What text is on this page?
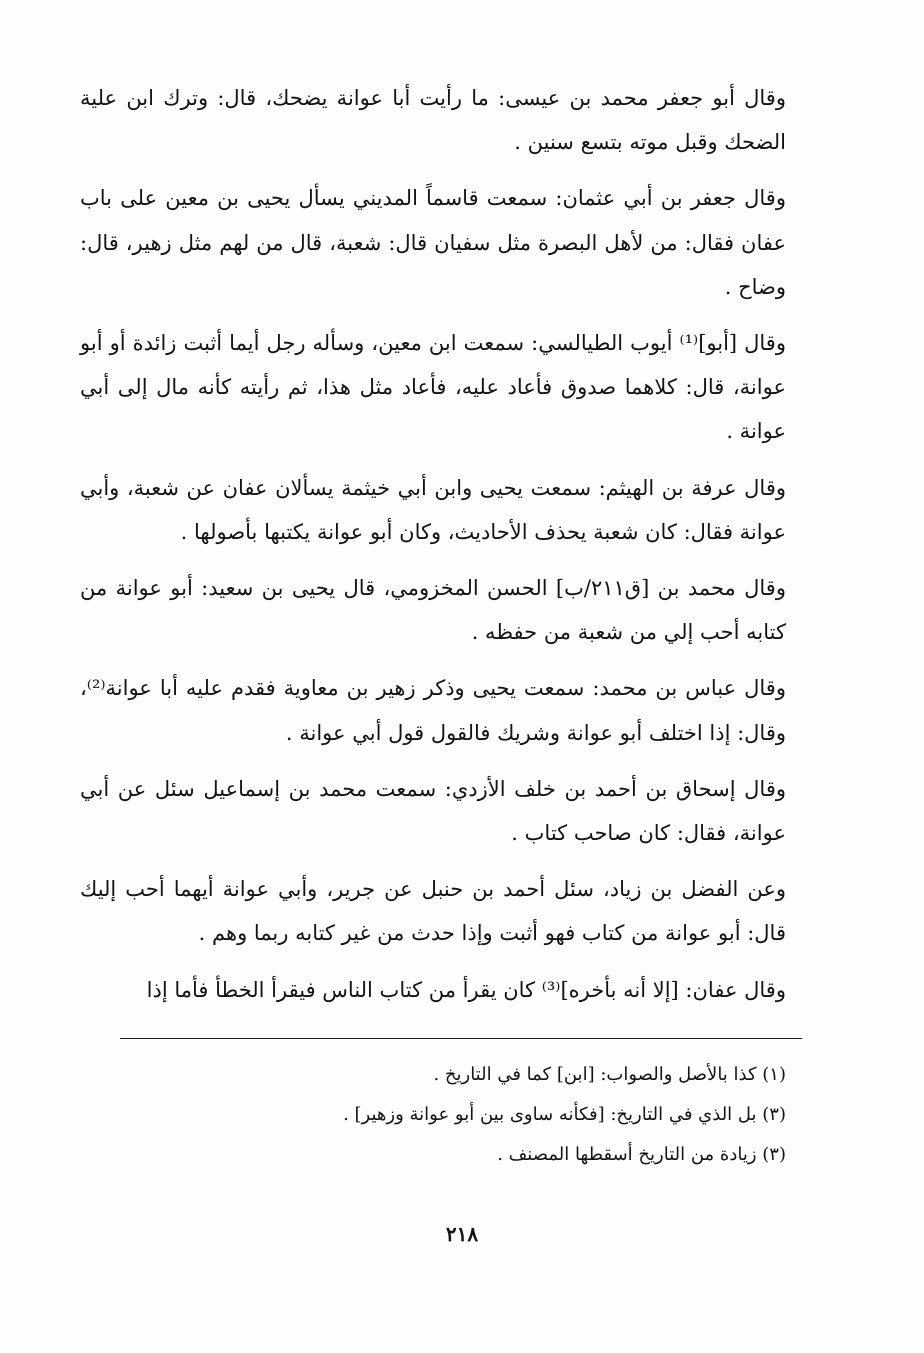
وقال أبو جعفر محمد بن عيسى: ما رأيت أبا عوانة يضحك، قال: وترك ابن علية الضحك وقبل موته بتسع سنين .

وقال جعفر بن أبي عثمان: سمعت قاسماً المديني يسأل يحيى بن معين على باب عفان فقال: من لأهل البصرة مثل سفيان قال: شعبة، قال من لهم مثل زهير، قال: وضاح .

وقال [أبو]⁽¹⁾ أيوب الطيالسي: سمعت ابن معين، وسأله رجل أيما أثبت زائدة أو أبو عوانة، قال: كلاهما صدوق فأعاد عليه، فأعاد مثل هذا، ثم رأيته كأنه مال إلى أبي عوانة .

وقال عرفة بن الهيثم: سمعت يحيى وابن أبي خيثمة يسألان عفان عن شعبة، وأبي عوانة فقال: كان شعبة يحذف الأحاديث، وكان أبو عوانة يكتبها بأصولها .

وقال محمد بن [ق٢١١/ب] الحسن المخزومي، قال يحيى بن سعيد: أبو عوانة من كتابه أحب إلي من شعبة من حفظه .

وقال عباس بن محمد: سمعت يحيى وذكر زهير بن معاوية فقدم عليه أبا عوانة⁽²⁾، وقال: إذا اختلف أبو عوانة وشريك فالقول قول أبي عوانة .

وقال إسحاق بن أحمد بن خلف الأزدي: سمعت محمد بن إسماعيل سئل عن أبي عوانة، فقال: كان صاحب كتاب .

وعن الفضل بن زياد، سئل أحمد بن حنبل عن جرير، وأبي عوانة أيهما أحب إليك قال: أبو عوانة من كتاب فهو أثبت وإذا حدث من غير كتابه ربما وهم .

وقال عفان: [إلا أنه بأخره]⁽³⁾ كان يقرأ من كتاب الناس فيقرأ الخطأ فأما إذا

(١) كذا بالأصل والصواب: [ابن] كما في التاريخ .

(٣) بل الذي في التاريخ: [فكأنه ساوى بين أبو عوانة وزهير] .

(٣) زيادة من التاريخ أسقطها المصنف .

٢١٨
